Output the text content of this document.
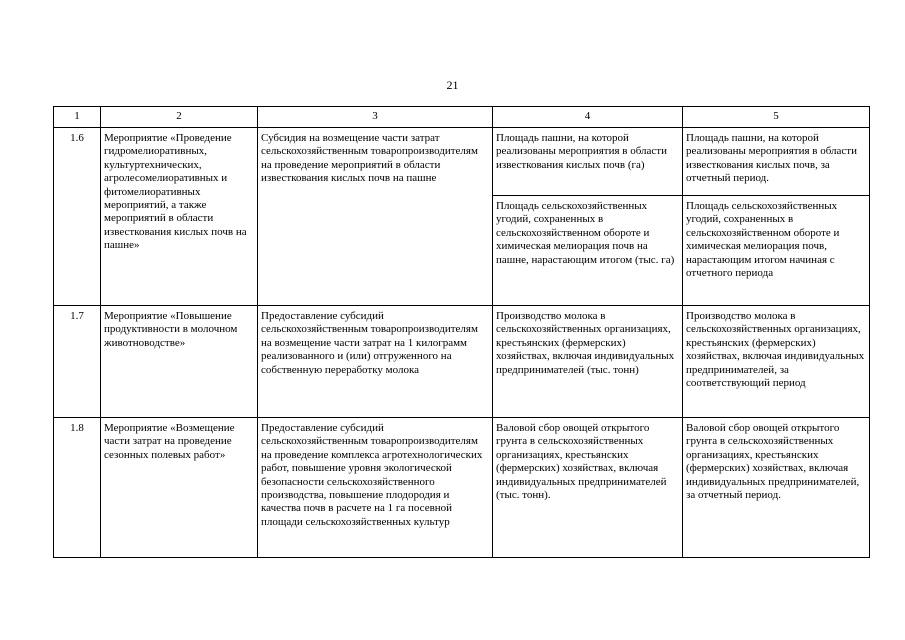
21
1	2	3	4	5
1.6	Мероприятие «Проведение гидромелиоративных, культуртехнических, агролесомелиоративных и фитомелиоративных мероприятий, а также мероприятий в области известкования кислых почв на пашне»	Субсидия на возмещение части затрат сельскохозяйственным товаропроизводителям на проведение мероприятий в области известкования кислых почв на пашне	Площадь пашни, на которой реализованы мероприятия в области известкования кислых почв (га)	Площадь пашни, на которой реализованы мероприятия в области известкования кислых почв, за отчетный период.
			Площадь сельскохозяйственных угодий, сохраненных в сельскохозяйственном обороте и химическая мелиорация почв на пашне, нарастающим итогом (тыс. га)	Площадь сельскохозяйственных угодий, сохраненных в сельскохозяйственном обороте и химическая мелиорация почв, нарастающим итогом начиная с отчетного периода
1.7	Мероприятие «Повышение продуктивности в молочном животноводстве»	Предоставление субсидий сельскохозяйственным товаропроизводителям на возмещение части затрат на 1 килограмм реализованного и (или) отгруженного на собственную переработку молока	Производство молока в сельскохозяйственных организациях, крестьянских (фермерских) хозяйствах, включая индивидуальных предпринимателей (тыс. тонн)	Производство молока в сельскохозяйственных организациях, крестьянских (фермерских) хозяйствах, включая индивидуальных предпринимателей, за соответствующий период
1.8	Мероприятие «Возмещение части затрат на проведение сезонных полевых работ»	Предоставление субсидий сельскохозяйственным товаропроизводителям на проведение комплекса агротехнологических работ, повышение уровня экологической безопасности сельскохозяйственного производства, повышение плодородия и качества почв в расчете на 1 га посевной площади сельскохозяйственных культур	Валовой сбор овощей открытого грунта в сельскохозяйственных организациях, крестьянских (фермерских) хозяйствах, включая индивидуальных предпринимателей (тыс. тонн).	Валовой сбор овощей открытого грунта в сельскохозяйственных организациях, крестьянских (фермерских) хозяйствах, включая индивидуальных предпринимателей, за отчетный период.
